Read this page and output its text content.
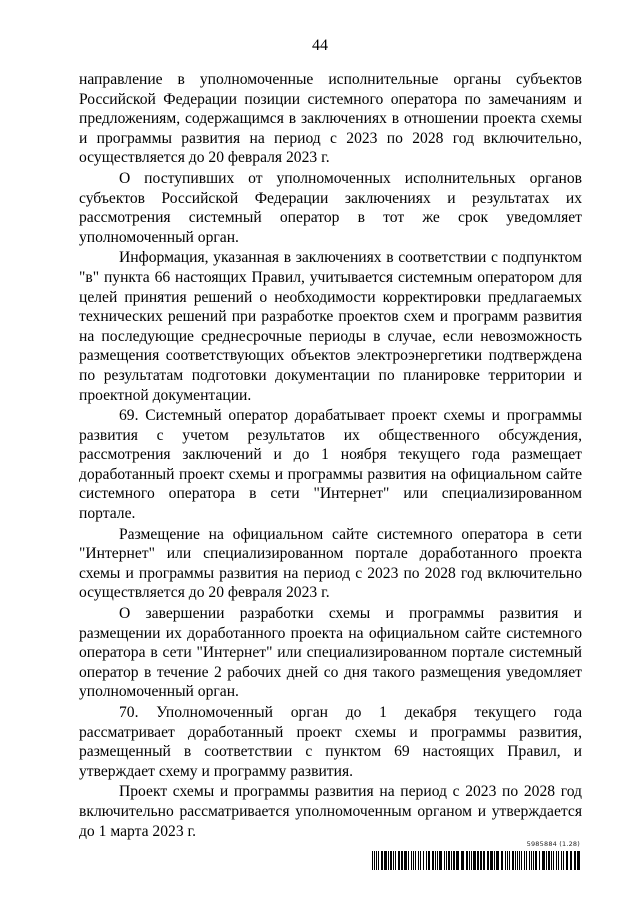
44

направление в уполномоченные исполнительные органы субъектов Российской Федерации позиции системного оператора по замечаниям и предложениям, содержащимся в заключениях в отношении проекта схемы и программы развития на период с 2023 по 2028 год включительно, осуществляется до 20 февраля 2023 г.

О поступивших от уполномоченных исполнительных органов субъектов Российской Федерации заключениях и результатах их рассмотрения системный оператор в тот же срок уведомляет уполномоченный орган.

Информация, указанная в заключениях в соответствии с подпунктом "в" пункта 66 настоящих Правил, учитывается системным оператором для целей принятия решений о необходимости корректировки предлагаемых технических решений при разработке проектов схем и программ развития на последующие среднесрочные периоды в случае, если невозможность размещения соответствующих объектов электроэнергетики подтверждена по результатам подготовки документации по планировке территории и проектной документации.

69. Системный оператор дорабатывает проект схемы и программы развития с учетом результатов их общественного обсуждения, рассмотрения заключений и до 1 ноября текущего года размещает доработанный проект схемы и программы развития на официальном сайте системного оператора в сети "Интернет" или специализированном портале.

Размещение на официальном сайте системного оператора в сети "Интернет" или специализированном портале доработанного проекта схемы и программы развития на период с 2023 по 2028 год включительно осуществляется до 20 февраля 2023 г.

О завершении разработки схемы и программы развития и размещении их доработанного проекта на официальном сайте системного оператора в сети "Интернет" или специализированном портале системный оператор в течение 2 рабочих дней со дня такого размещения уведомляет уполномоченный орган.

70. Уполномоченный орган до 1 декабря текущего года рассматривает доработанный проект схемы и программы развития, размещенный в соответствии с пунктом 69 настоящих Правил, и утверждает схему и программу развития.

Проект схемы и программы развития на период с 2023 по 2028 год включительно рассматривается уполномоченным органом и утверждается до 1 марта 2023 г.

5985884 (1.28)
